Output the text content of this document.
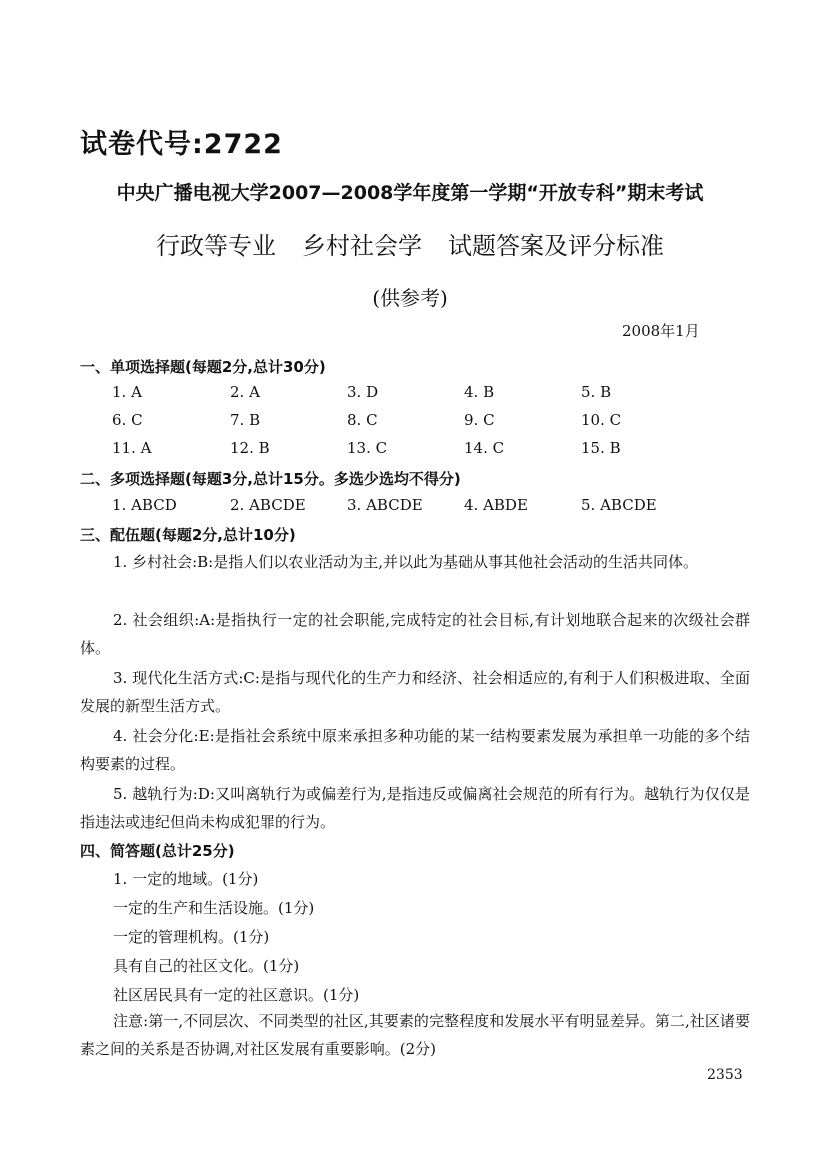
试卷代号:2722
中央广播电视大学2007—2008学年度第一学期“开放专科”期末考试
行政等专业 乡村社会学 试题答案及评分标准
(供参考)
2008年1月
一、单项选择题(每题2分,总计30分)
1. A	2. A	3. D	4. B	5. B
6. C	7. B	8. C	9. C	10. C
11. A	12. B	13. C	14. C	15. B
二、多项选择题(每题3分,总计15分。多选少选均不得分)
1. ABCD	2. ABCDE	3. ABCDE	4. ABDE	5. ABCDE
三、配伍题(每题2分,总计10分)
1. 乡村社会:B:是指人们以农业活动为主,并以此为基础从事其他社会活动的生活共同体。
2. 社会组织:A:是指执行一定的社会职能,完成特定的社会目标,有计划地联合起来的次级社会群体。
3. 现代化生活方式:C:是指与现代化的生产力和经济、社会相适应的,有利于人们积极进取、全面发展的新型生活方式。
4. 社会分化:E:是指社会系统中原来承担多种功能的某一结构要素发展为承担单一功能的多个结构要素的过程。
5. 越轨行为:D:又叫离轨行为或偏差行为,是指违反或偏离社会规范的所有行为。越轨行为仅仅是指违法或违纪但尚未构成犯罪的行为。
四、简答题(总计25分)
1. 一定的地域。(1分)
一定的生产和生活设施。(1分)
一定的管理机构。(1分)
具有自己的社区文化。(1分)
社区居民具有一定的社区意识。(1分)
注意:第一,不同层次、不同类型的社区,其要素的完整程度和发展水平有明显差异。第二,社区诸要素之间的关系是否协调,对社区发展有重要影响。(2分)
2353
